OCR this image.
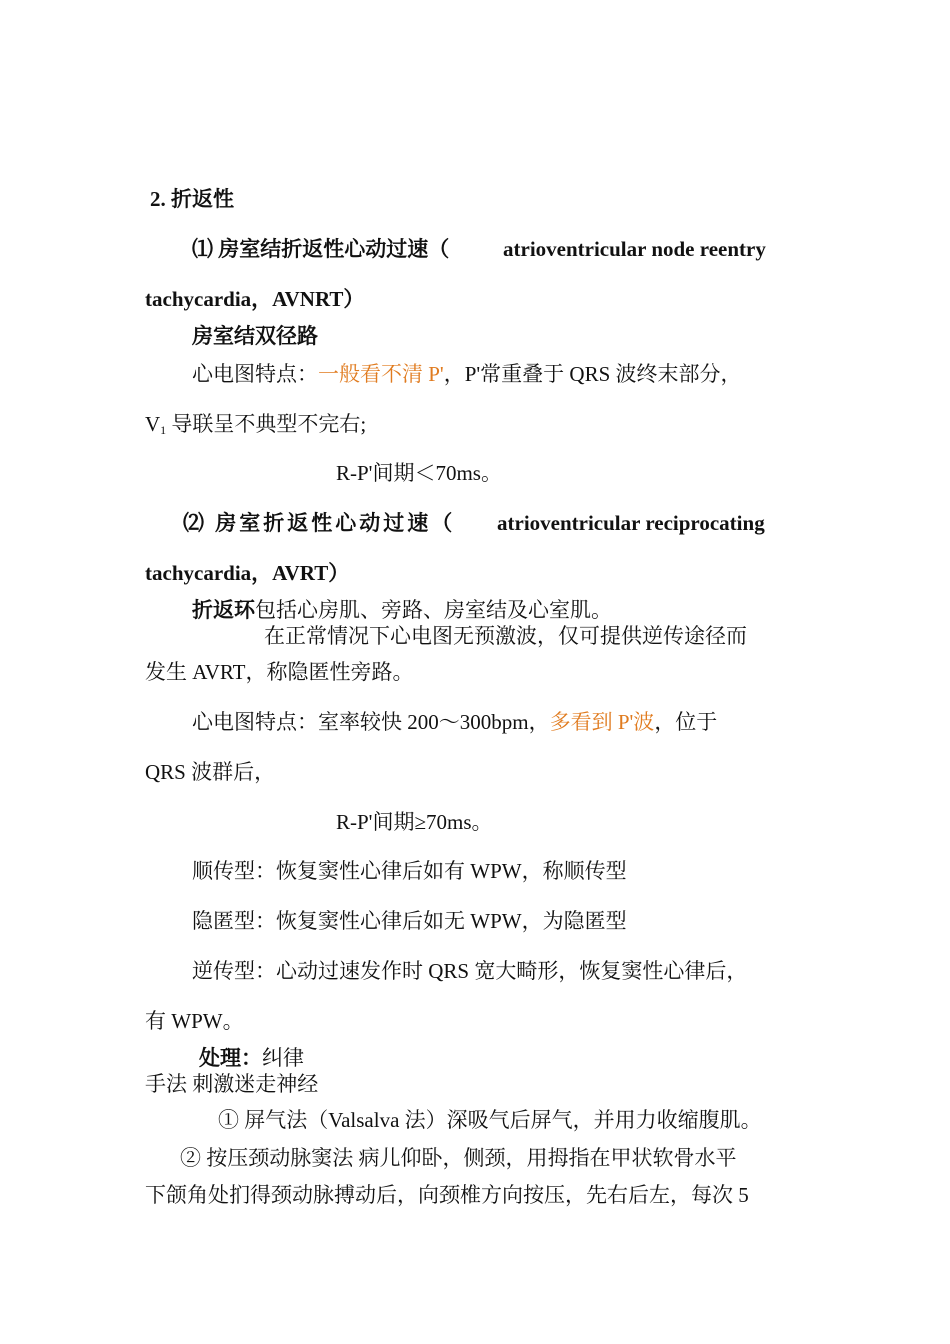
2. 折返性
⑴ 房室结折返性心动过速（	atrioventricular node reentry
tachycardia，AVNRT）
房室结双径路
心电图特点：一般看不清 P'，P'常重叠于 QRS 波终末部分，
$V_1$ 导联呈不典型不完右;
R-P'间期＜70ms。
⑵ 房室折返性心动过速（ atrioventricular reciprocating
tachycardia，AVRT）
折返环包括心房肌、旁路、房室结及心室肌。
在正常情况下心电图无预激波，仅可提供逆传途径而
发生 AVRT，称隐匿性旁路。
心电图特点：室率较快 200～300bpm，多看到 P'波，位于
QRS 波群后，
R-P'间期≥70ms。
顺传型：恢复窦性心律后如有 WPW，称顺传型
隐匿型：恢复窦性心律后如无 WPW，为隐匿型
逆传型：心动过速发作时 QRS 宽大畸形，恢复窦性心律后，
有 WPW。
处理：纠律
手法 刺激迷走神经
① 屏气法（Valsalva 法）深吸气后屏气，并用力收缩腹肌。
② 按压颈动脉窦法 病儿仰卧，侧颈，用拇指在甲状软骨水平
下颌角处扪得颈动脉搏动后，向颈椎方向按压，先右后左，每次 5
